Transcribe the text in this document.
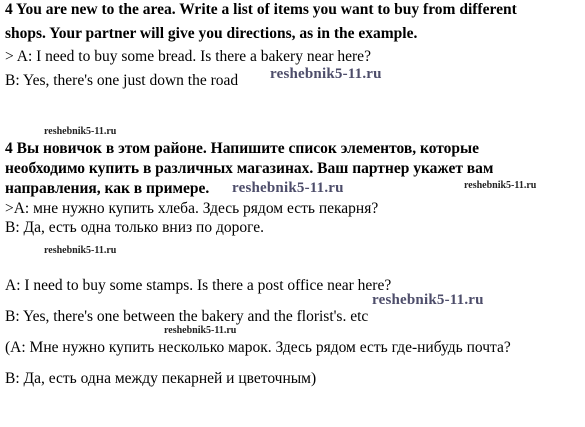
4 You are new to the area. Write a list of items you want to buy from different
shops. Your partner will give you directions, as in the example.
> A: I need to buy some bread. Is there a bakery near here?
B: Yes, there's one just down the road reshebnik5-11.ru
reshebnik5-11.ru
4 Вы новичок в этом районе. Напишите список элементов, которые
необходимо купить в различных магазинах. Ваш партнер укажет вам
направления, как в примере. reshebnik5-11.ru	reshebnik5-11.ru
>A: мне нужно купить хлеба. Здесь рядом есть пекарня?
B: Да, есть одна только вниз по дороге.
reshebnik5-11.ru
A: I need to buy some stamps. Is there a post office near here?
reshebnik5-11.ru
B: Yes, there's one between the bakery and the florist's. etc
reshebnik5-11.ru
(A: Мне нужно купить несколько марок. Здесь рядом есть где-нибудь почта?
B: Да, есть одна между пекарней и цветочным)
